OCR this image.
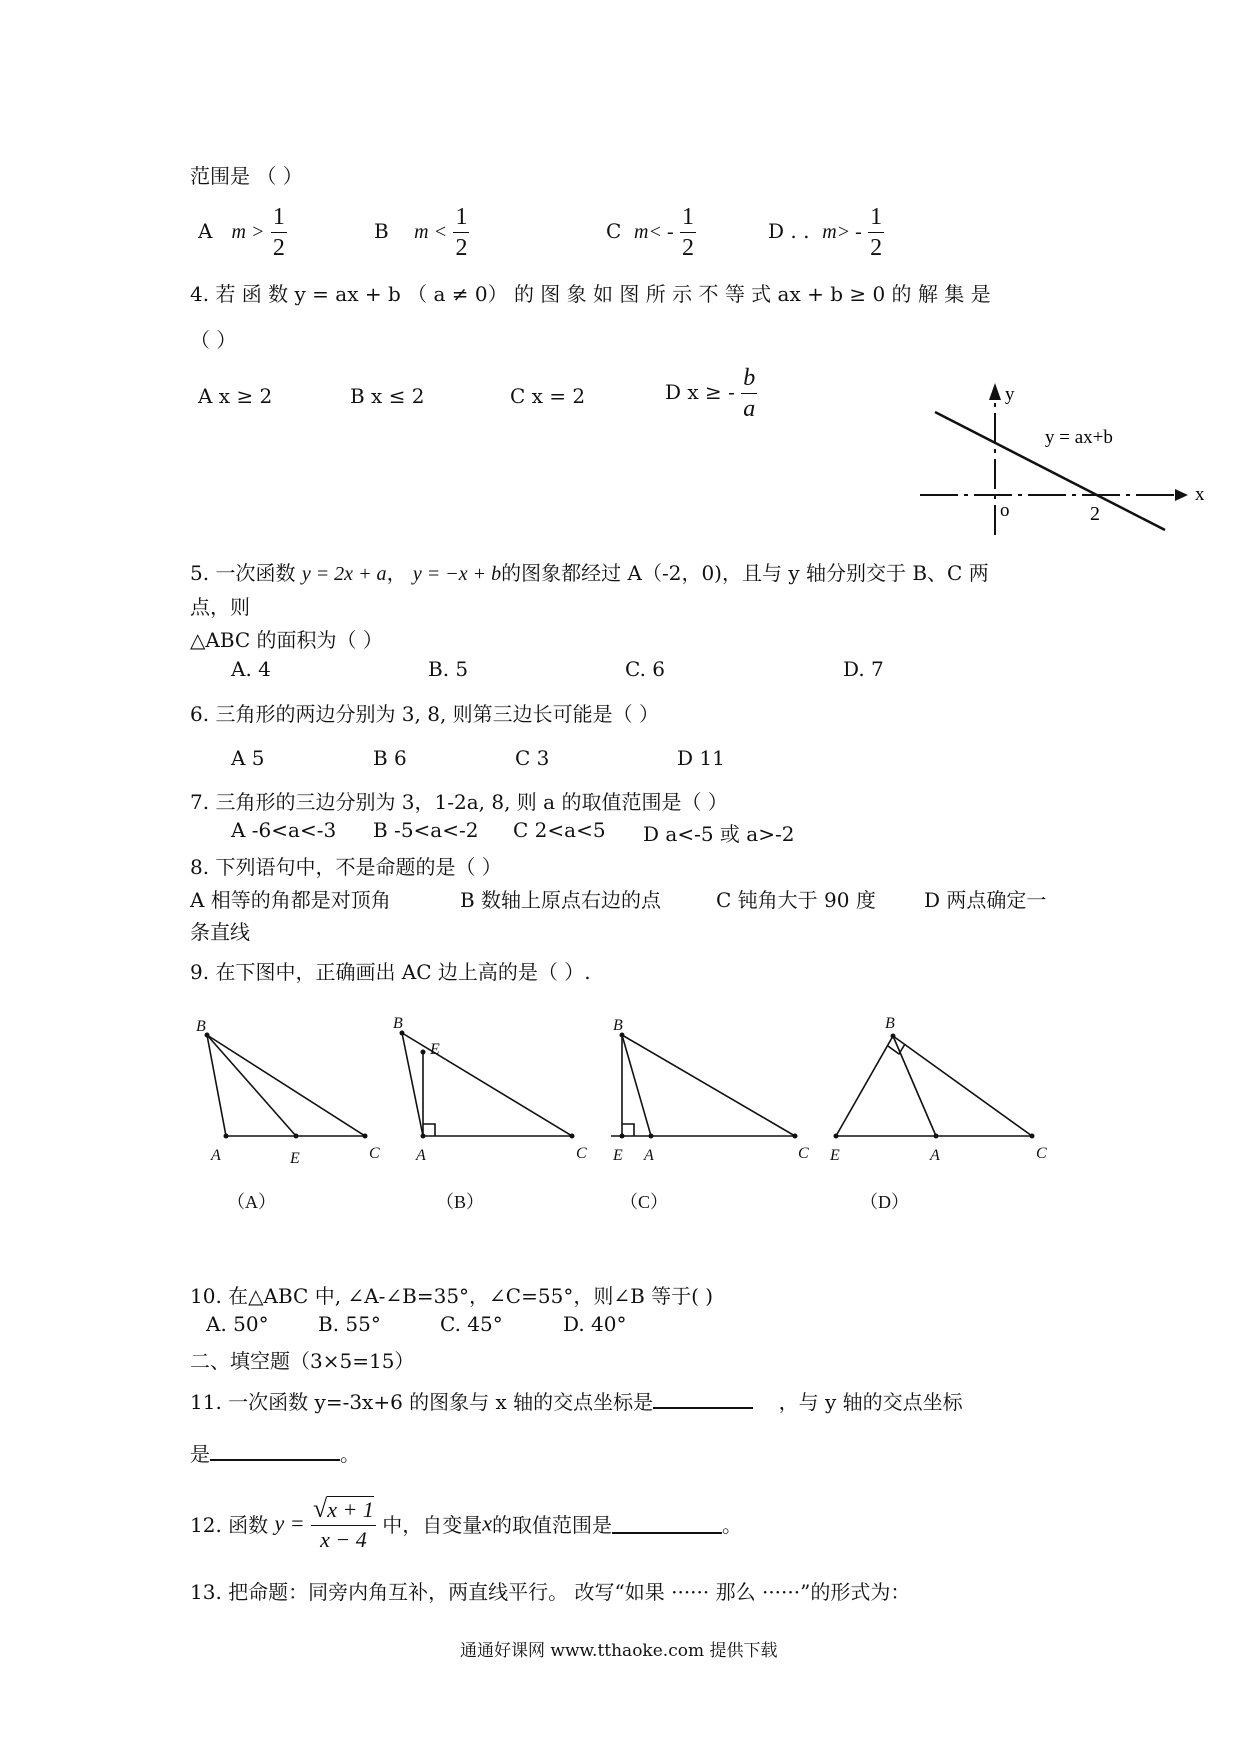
范围是 （ ）
A $m > \frac{1}{2}$	B $m < \frac{1}{2}$	C $m< - \frac{1}{2}$	D . . $m> - \frac{1}{2}$
4. 若 函 数 y = ax + b （ a ≠ 0） 的 图 象 如 图 所 示 不 等 式 ax + b ≥ 0 的 解 集 是
（ ）
A x ≥ 2	B x ≤ 2	C x = 2	D x ≥ - $\frac{b}{a}$	y
x
y = ax+b
o	2
5. 一次函数 y = 2x + a， y = −x + b的图象都经过 A（-2，0)，且与 y 轴分别交于 B、C 两
点，则
△ABC 的面积为（ ）
A. 4	B. 5	C. 6	D. 7
6. 三角形的两边分别为 3, 8, 则第三边长可能是（ ）
A 5	B 6	C 3	D 11
7. 三角形的三边分别为 3，1-2a, 8, 则 a 的取值范围是（ ）
A -6<a<-3 B -5<a<-2 C 2<a<5 D a<-5 或 a>-2
8. 下列语句中，不是命题的是（ ）
A 相等的角都是对顶角	B 数轴上原点右边的点	C 钝角大于 90 度 D 两点确定一
条直线
9. 在下图中，正确画出 AC 边上高的是（ ）.
B
A	E	C
B
E
A	C
B
E A	C
B
E	A	C
（A）	（B）	（C）	（D）
10. 在△ABC 中, ∠A-∠B=35°，∠C=55°，则∠B 等于( )
A. 50° B. 55°	C. 45°	D. 40°
二、填空题（3×5=15）
11. 一次函数 y=-3x+6 的图象与 x 轴的交点坐标是	，与 y 轴的交点坐标
是	。
12. 函数 $y = \frac{√x + 1}{x - 4}$ 中，自变量x的取值范围是	。
13. 把命题：同旁内角互补，两直线平行。 改写“如果 ······ 那么 ······”的形式为：
通通好课网 www.tthaoke.com 提供下载
